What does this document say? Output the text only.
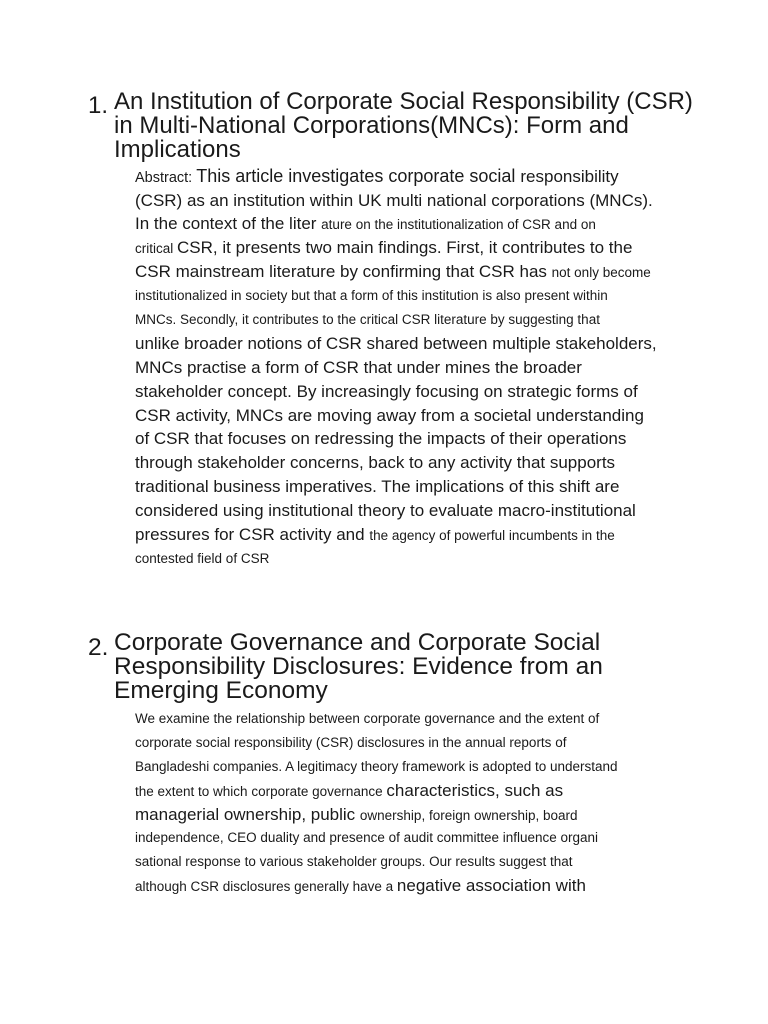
1. An Institution of Corporate Social Responsibility (CSR)
in Multi-National Corporations(MNCs): Form and
Implications
Abstract: This article investigates corporate social responsibility
(CSR) as an institution within UK multi national corporations (MNCs).
In the context of the liter ature on the institutionalization of CSR and on
critical CSR, it presents two main findings. First, it contributes to the
CSR mainstream literature by confirming that CSR has not only become
institutionalized in society but that a form of this institution is also present within
MNCs. Secondly, it contributes to the critical CSR literature by suggesting that
unlike broader notions of CSR shared between multiple stakeholders,
MNCs practise a form of CSR that under mines the broader
stakeholder concept. By increasingly focusing on strategic forms of
CSR activity, MNCs are moving away from a societal understanding
of CSR that focuses on redressing the impacts of their operations
through stakeholder concerns, back to any activity that supports
traditional business imperatives. The implications of this shift are
considered using institutional theory to evaluate macro-institutional
pressures for CSR activity and the agency of powerful incumbents in the
contested field of CSR
2. Corporate Governance and Corporate Social
Responsibility Disclosures: Evidence from an
Emerging Economy
We examine the relationship between corporate governance and the extent of
corporate social responsibility (CSR) disclosures in the annual reports of
Bangladeshi companies. A legitimacy theory framework is adopted to understand
the extent to which corporate governance characteristics, such as
managerial ownership, public ownership, foreign ownership, board
independence, CEO duality and presence of audit committee influence organi
sational response to various stakeholder groups. Our results suggest that
although CSR disclosures generally have a negative association with
